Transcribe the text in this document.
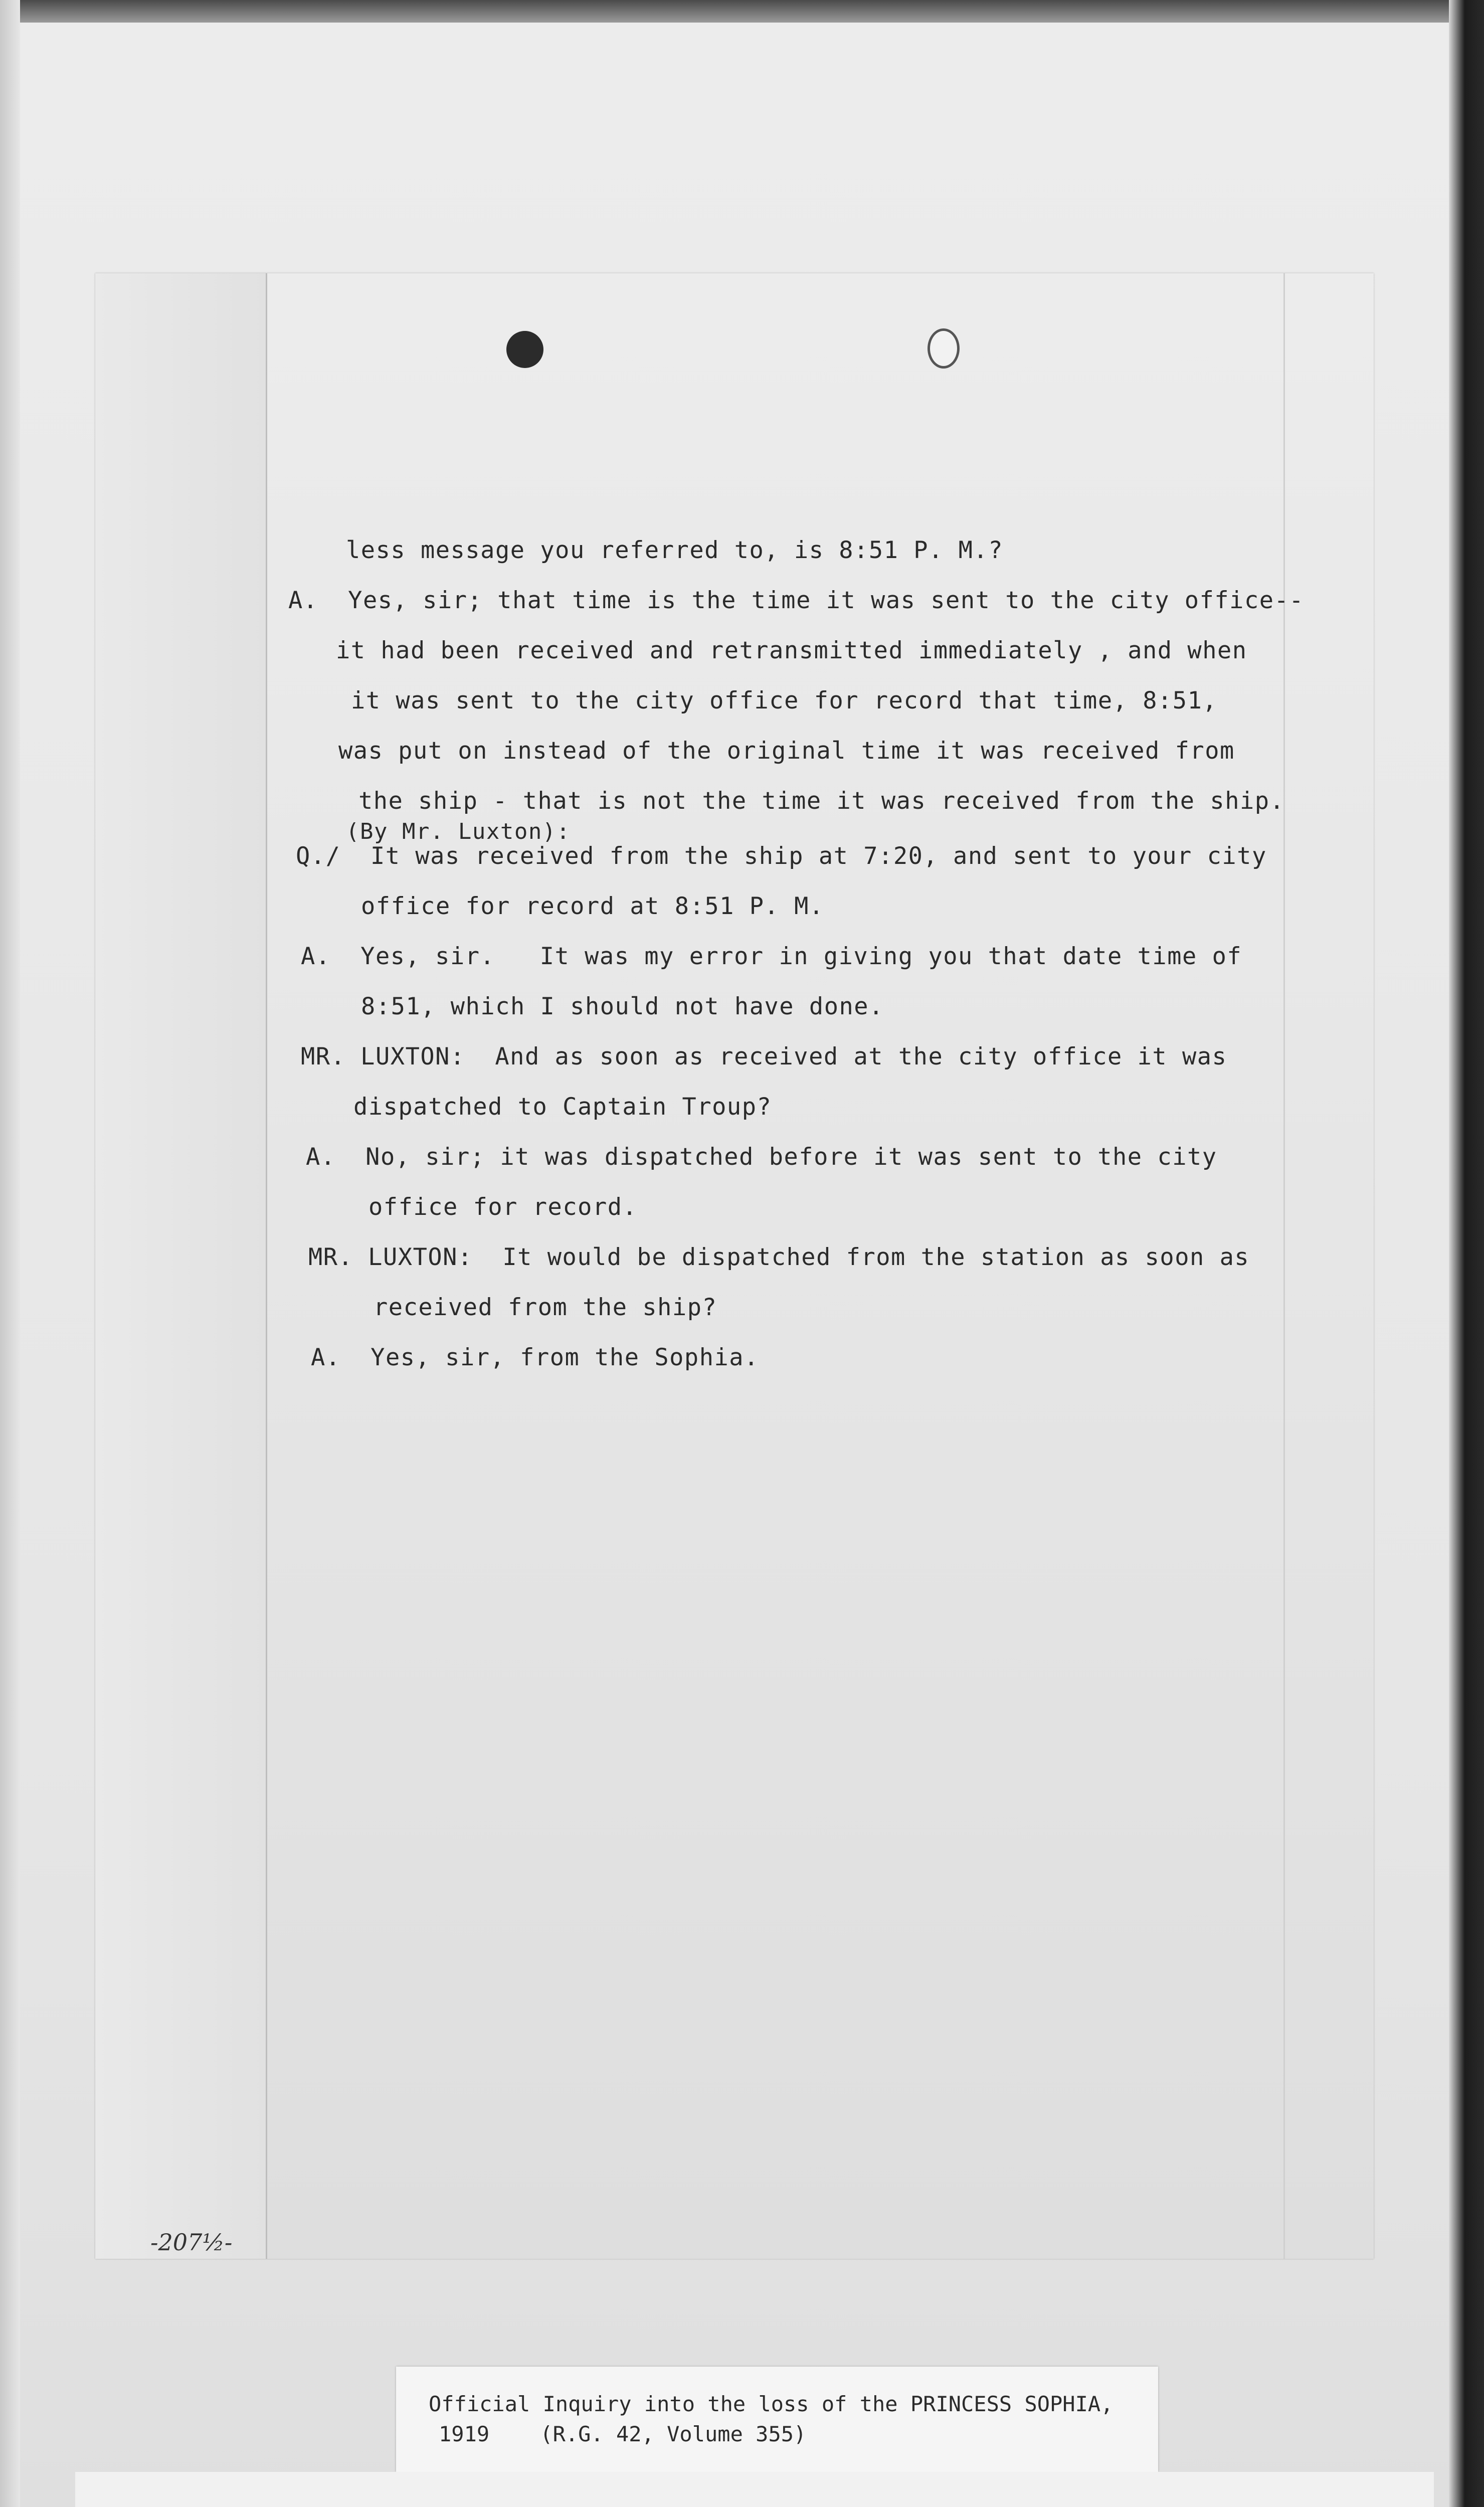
less message you referred to, is 8:51 P. M.?
A.  Yes, sir; that time is the time it was sent to the city office--
it had been received and retransmitted immediately , and when
it was sent to the city office for record that time, 8:51,
was put on instead of the original time it was received from
the ship - that is not the time it was received from the ship.
(By Mr. Luxton):
Q./  It was received from the ship at 7:20, and sent to your city
office for record at 8:51 P. M.
A.  Yes, sir.   It was my error in giving you that date time of
8:51, which I should not have done.
MR. LUXTON:  And as soon as received at the city office it was
dispatched to Captain Troup?
A.  No, sir; it was dispatched before it was sent to the city
office for record.
MR. LUXTON:  It would be dispatched from the station as soon as
received from the ship?
A.  Yes, sir, from the Sophia.
-207½-
Official Inquiry into the loss of the PRINCESS SOPHIA,
1919    (R.G. 42, Volume 355)
